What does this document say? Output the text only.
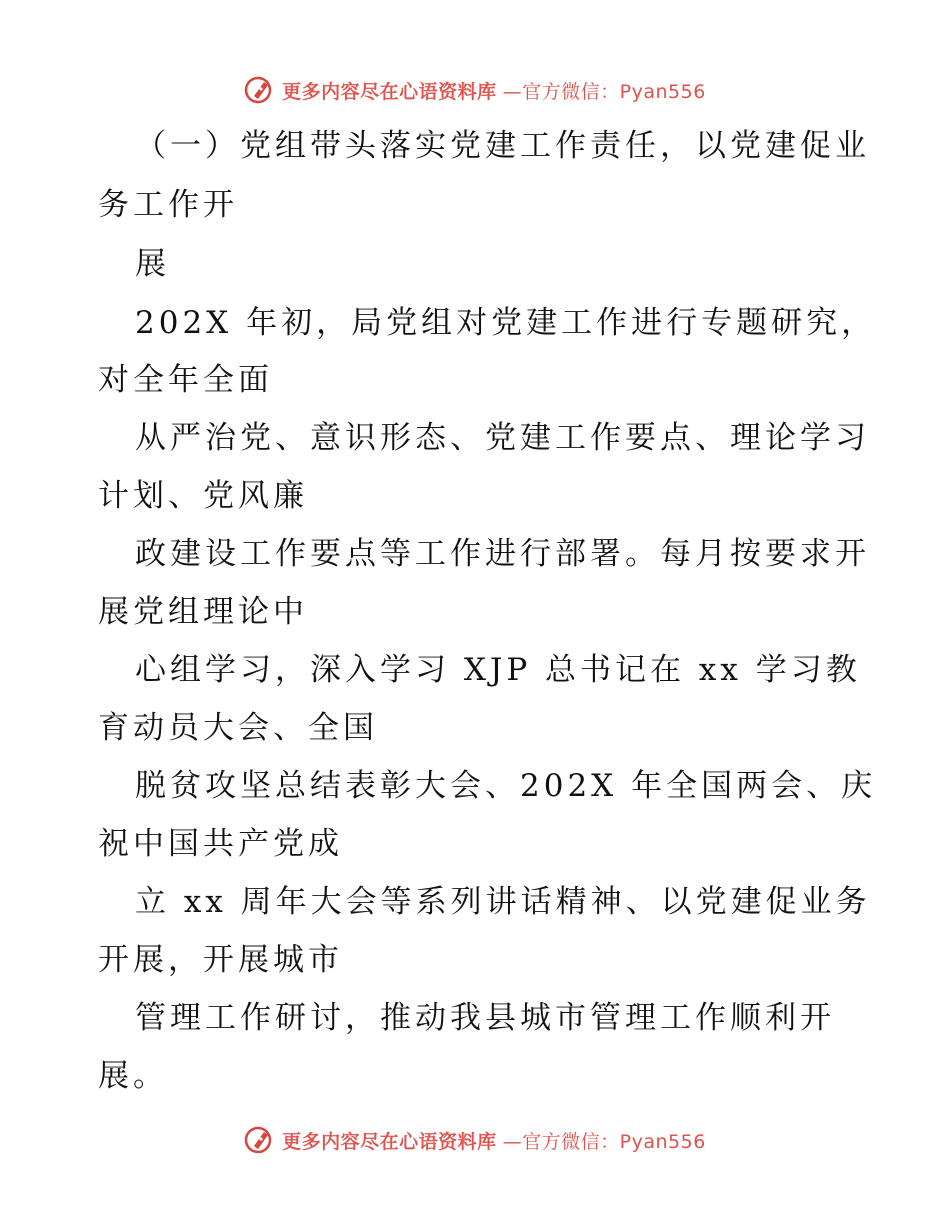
更多内容尽在心语资料库 —官方微信：Pyan556
（一）党组带头落实党建工作责任，以党建促业
务工作开
展
202X 年初，局党组对党建工作进行专题研究，
对全年全面
从严治党、意识形态、党建工作要点、理论学习
计划、党风廉
政建设工作要点等工作进行部署。每月按要求开
展党组理论中
心组学习，深入学习 XJP 总书记在 xx 学习教
育动员大会、全国
脱贫攻坚总结表彰大会、202X 年全国两会、庆
祝中国共产党成
立 xx 周年大会等系列讲话精神、以党建促业务
开展，开展城市
管理工作研讨，推动我县城市管理工作顺利开
展。
更多内容尽在心语资料库 —官方微信：Pyan556
